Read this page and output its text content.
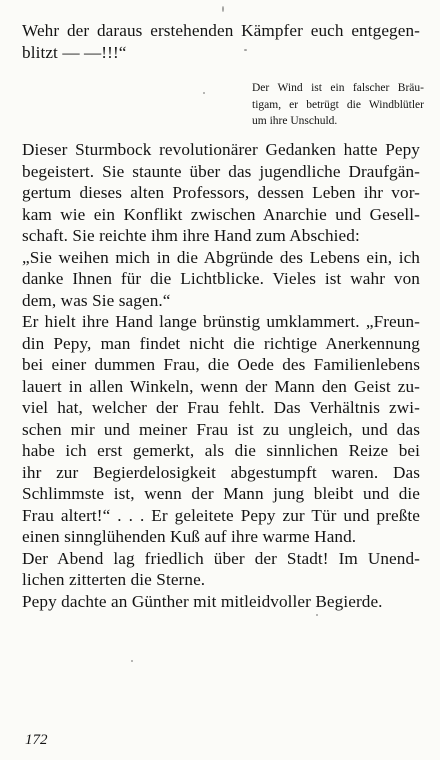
Wehr der daraus erstehenden Kämpfer euch entgegen-
blitzt — —!!!“
Der Wind ist ein falscher Bräu-
tigam, er betrügt die Windblütler
um ihre Unschuld.
Dieser Sturmbock revolutionärer Gedanken hatte Pepy
begeistert. Sie staunte über das jugendliche Draufgän-
gertum dieses alten Professors, dessen Leben ihr vor-
kam wie ein Konflikt zwischen Anarchie und Gesell-
schaft. Sie reichte ihm ihre Hand zum Abschied:
„Sie weihen mich in die Abgründe des Lebens ein, ich
danke Ihnen für die Lichtblicke. Vieles ist wahr von
dem, was Sie sagen.“
Er hielt ihre Hand lange brünstig umklammert. „Freun-
din Pepy, man findet nicht die richtige Anerkennung
bei einer dummen Frau, die Oede des Familienlebens
lauert in allen Winkeln, wenn der Mann den Geist zu-
viel hat, welcher der Frau fehlt. Das Verhältnis zwi-
schen mir und meiner Frau ist zu ungleich, und das
habe ich erst gemerkt, als die sinnlichen Reize bei
ihr zur Begierdelosigkeit abgestumpft waren. Das
Schlimmste ist, wenn der Mann jung bleibt und die
Frau altert!“ . . . Er geleitete Pepy zur Tür und preßte
einen sinnglühenden Kuß auf ihre warme Hand.
Der Abend lag friedlich über der Stadt! Im Unend-
lichen zitterten die Sterne.
Pepy dachte an Günther mit mitleidvoller Begierde.
172
